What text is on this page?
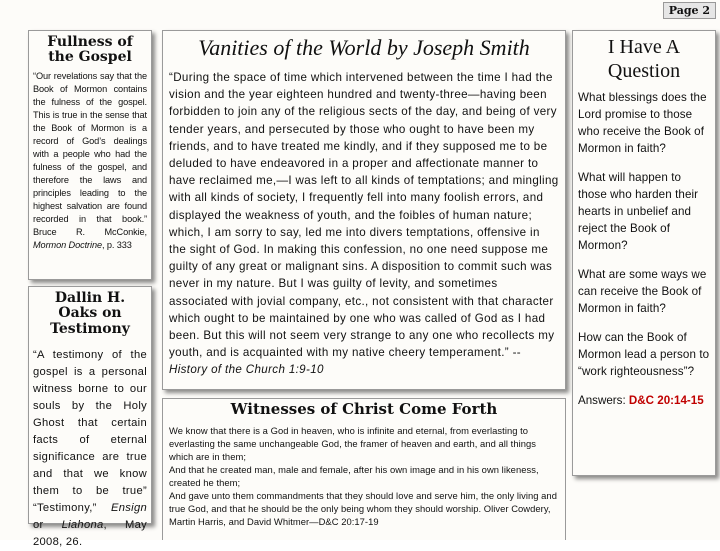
Page 2
Fullness of the Gospel

“Our revelations say that the Book of Mormon contains the fulness of the gospel. This is true in the sense that the Book of Mormon is a record of God’s dealings with a people who had the fulness of the gospel, and therefore the laws and principles leading to the highest salvation are found recorded in that book.” Bruce R. McConkie, Mormon Doctrine, p. 333

Dallin H. Oaks on Testimony

“A testimony of the gospel is a personal witness borne to our souls by the Holy Ghost that certain facts of eternal significance are true and that we know them to be true” “Testimony,” Ensign or Liahona, May 2008, 26.

Vanities of the World by Joseph Smith

“During the space of time which intervened between the time I had the vision and the year eighteen hundred and twenty-three—having been forbidden to join any of the religious sects of the day, and being of very tender years, and persecuted by those who ought to have been my friends, and to have treated me kindly, and if they supposed me to be deluded to have endeavored in a proper and affectionate manner to have reclaimed me,—I was left to all kinds of temptations; and mingling with all kinds of society, I frequently fell into many foolish errors, and displayed the weakness of youth, and the foibles of human nature; which, I am sorry to say, led me into divers temptations, offensive in the sight of God. In making this confession, no one need suppose me guilty of any great or malignant sins. A disposition to commit such was never in my nature. But I was guilty of levity, and sometimes associated with jovial company, etc., not consistent with that character which ought to be maintained by one who was called of God as I had been. But this will not seem very strange to any one who recollects my youth, and is acquainted with my native cheery temperament.” --History of the Church 1:9-10

Witnesses of Christ Come Forth

We know that there is a God in heaven, who is infinite and eternal, from everlasting to everlasting the same unchangeable God, the framer of heaven and earth, and all things which are in them;

And that he created man, male and female, after his own image and in his own likeness, created he them;

And gave unto them commandments that they should love and serve him, the only living and true God, and that he should be the only being whom they should worship. Oliver Cowdery, Martin Harris, and David Whitmer—D&C 20:17-19

I Have A Question

What blessings does the Lord promise to those who receive the Book of Mormon in faith?

What will happen to those who harden their hearts in unbelief and reject the Book of Mormon?

What are some ways we can receive the Book of Mormon in faith?

How can the Book of Mormon lead a person to “work righteousness”?

Answers: D&C 20:14-15
